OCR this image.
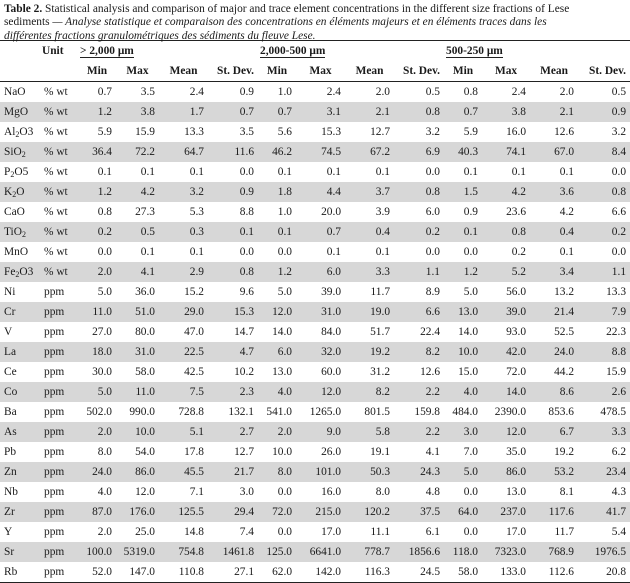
Table 2. Statistical analysis and comparison of major and trace element concentrations in the different size fractions of Lese sediments — Analyse statistique et comparaison des concentrations en éléments majeurs et en éléments traces dans les différentes fractions granulométriques des sédiments du fleuve Lese.
	Unit	> 2,000 μm				2,000-500 μm				500-250 μm			
		Min	Max	Mean	St. Dev.	Min	Max	Mean	St. Dev.	Min	Max	Mean	St. Dev.
NaO	% wt	0.7	3.5	2.4	0.9	1.0	2.4	2.0	0.5	0.8	2.4	2.0	0.5
MgO	% wt	1.2	3.8	1.7	0.7	0.7	3.1	2.1	0.8	0.7	3.8	2.1	0.9
$Al_2O3$	% wt	5.9	15.9	13.3	3.5	5.6	15.3	12.7	3.2	5.9	16.0	12.6	3.2
SiO$_2$	% wt	36.4	72.2	64.7	11.6	46.2	74.5	67.2	6.9	40.3	74.1	67.0	8.4
$P_2O5$	% wt	0.1	0.1	0.1	0.0	0.1	0.1	0.1	0.0	0.1	0.1	0.1	0.0
$K_2O$	% wt	1.2	4.2	3.2	0.9	1.8	4.4	3.7	0.8	1.5	4.2	3.6	0.8
CaO	% wt	0.8	27.3	5.3	8.8	1.0	20.0	3.9	6.0	0.9	23.6	4.2	6.6
TiO$_2$	% wt	0.2	0.5	0.3	0.1	0.1	0.7	0.4	0.2	0.1	0.8	0.4	0.2
MnO	% wt	0.0	0.1	0.1	0.0	0.0	0.1	0.1	0.0	0.0	0.2	0.1	0.0
$Fe_2O3$	% wt	2.0	4.1	2.9	0.8	1.2	6.0	3.3	1.1	1.2	5.2	3.4	1.1
Ni	ppm	5.0	36.0	15.2	9.6	5.0	39.0	11.7	8.9	5.0	56.0	13.2	13.3
Cr	ppm	11.0	51.0	29.0	15.3	12.0	31.0	19.0	6.6	13.0	39.0	21.4	7.9
V	ppm	27.0	80.0	47.0	14.7	14.0	84.0	51.7	22.4	14.0	93.0	52.5	22.3
La	ppm	18.0	31.0	22.5	4.7	6.0	32.0	19.2	8.2	10.0	42.0	24.0	8.8
Ce	ppm	30.0	58.0	42.5	10.2	13.0	60.0	31.2	12.6	15.0	72.0	44.2	15.9
Co	ppm	5.0	11.0	7.5	2.3	4.0	12.0	8.2	2.2	4.0	14.0	8.6	2.6
Ba	ppm	502.0	990.0	728.8	132.1	541.0	1265.0	801.5	159.8	484.0	2390.0	853.6	478.5
As	ppm	2.0	10.0	5.1	2.7	2.0	9.0	5.8	2.2	3.0	12.0	6.7	3.3
Pb	ppm	8.0	54.0	17.8	12.7	10.0	26.0	19.1	4.1	7.0	35.0	19.2	6.2
Zn	ppm	24.0	86.0	45.5	21.7	8.0	101.0	50.3	24.3	5.0	86.0	53.2	23.4
Nb	ppm	4.0	12.0	7.1	3.0	0.0	16.0	8.0	4.8	0.0	13.0	8.1	4.3
Zr	ppm	87.0	176.0	125.5	29.4	72.0	215.0	120.2	37.5	64.0	237.0	117.6	41.7
Y	ppm	2.0	25.0	14.8	7.4	0.0	17.0	11.1	6.1	0.0	17.0	11.7	5.4
Sr	ppm	100.0	5319.0	754.8	1461.8	125.0	6641.0	778.7	1856.6	118.0	7323.0	768.9	1976.5
Rb	ppm	52.0	147.0	110.8	27.1	62.0	142.0	116.3	24.5	58.0	133.0	112.6	20.8
